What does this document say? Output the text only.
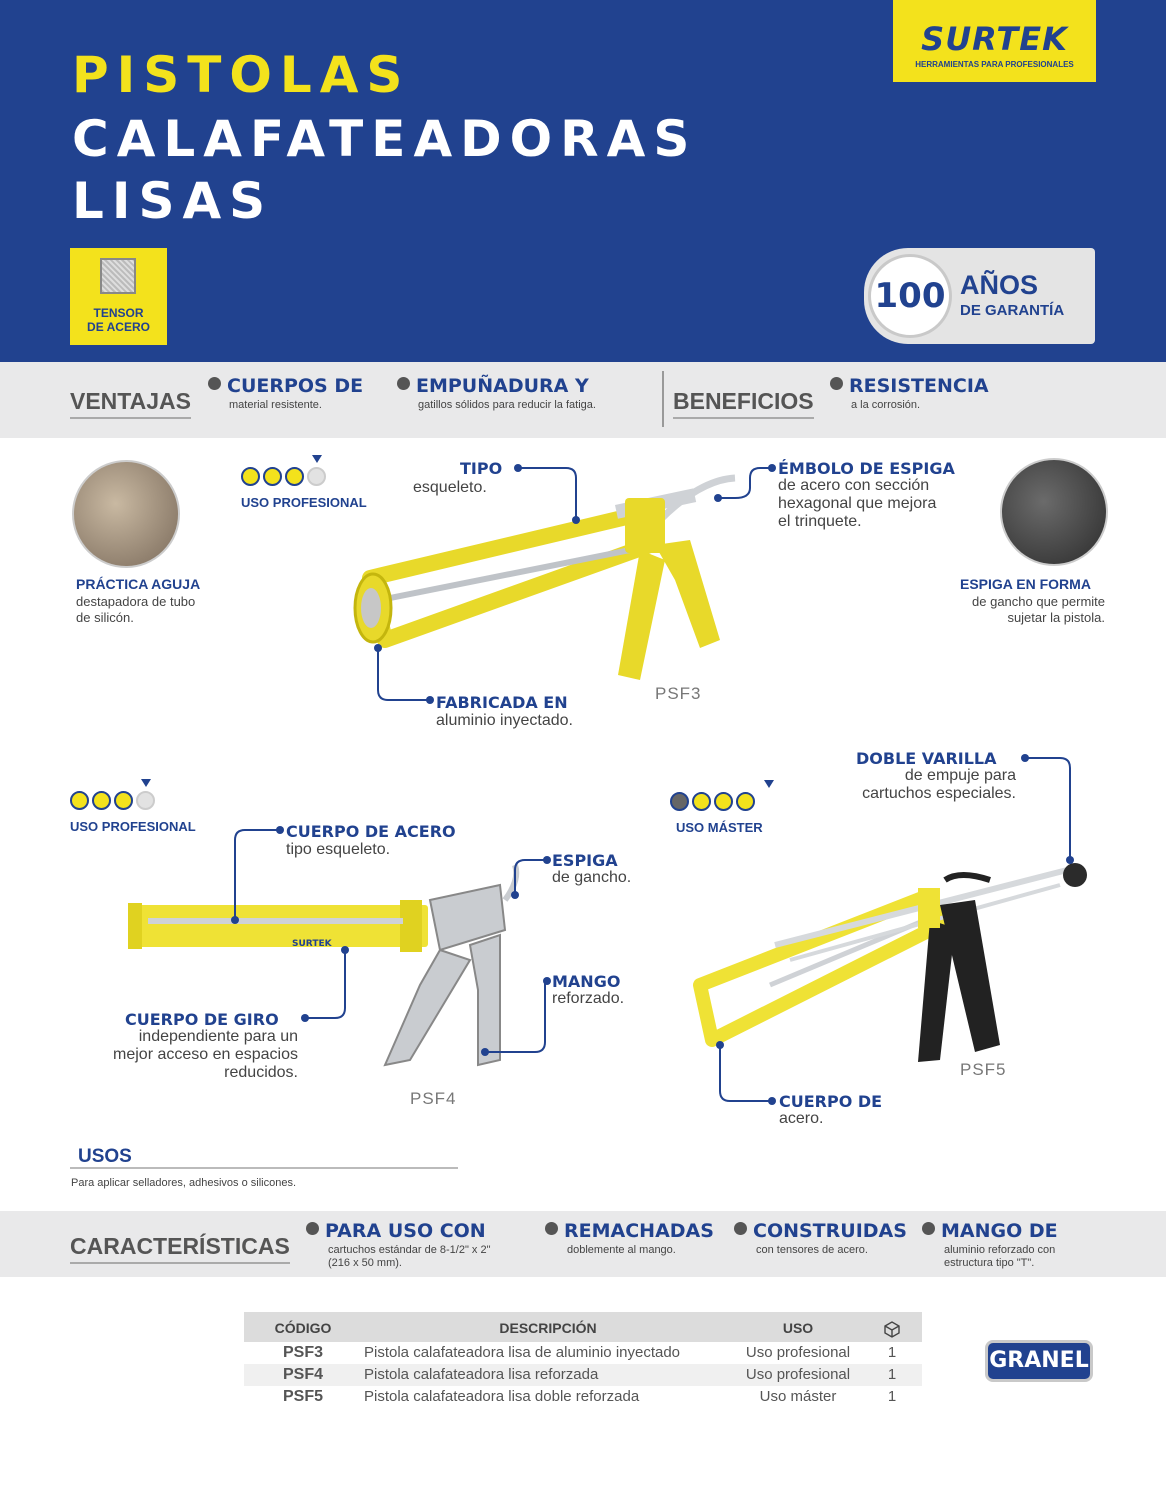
PISTOLAS
CALAFATEADORAS
LISAS
SURTEK
HERRAMIENTAS PARA PROFESIONALES
TENSOR
DE ACERO
100 AÑOS
DE GARANTÍA
VENTAJAS
CUERPOS DE
material resistente.
EMPUÑADURA Y
gatillos sólidos para reducir la fatiga.	BENEFICIOS
RESISTENCIA
a la corrosión.
SURTEK
USO PROFESIONAL
TIPO
esqueleto.
ÉMBOLO DE ESPIGA
de acero con sección
hexagonal que mejora
el trinquete.
FABRICADA EN
aluminio inyectado.
PSF3
PRÁCTICA AGUJA
destapadora de tubo
de silicón.
ESPIGA EN FORMA
de gancho que permite
sujetar la pistola.
USO PROFESIONAL	CUERPO DE ACERO
tipo esqueleto.
ESPIGA
de gancho.
MANGO
reforzado.
CUERPO DE GIRO
independiente para un
mejor acceso en espacios
reducidos.
PSF4
USO MÁSTER
DOBLE VARILLA
de empuje para
cartuchos especiales.
CUERPO DE
acero.
PSF5
USOS
Para aplicar selladores, adhesivos o silicones.
CARACTERÍSTICAS
PARA USO CON
cartuchos estándar de 8-1/2" x 2"
(216 x 50 mm).
REMACHADAS
doblemente al mango.
CONSTRUIDAS
con tensores de acero.
MANGO DE
aluminio reforzado con
estructura tipo "T".
CÓDIGO	DESCRIPCIÓN	USO
PSF3	Pistola calafateadora lisa de aluminio inyectado	Uso profesional	1
PSF4	Pistola calafateadora lisa reforzada	Uso profesional	1
PSF5	Pistola calafateadora lisa doble reforzada	Uso máster	1
GRANEL
